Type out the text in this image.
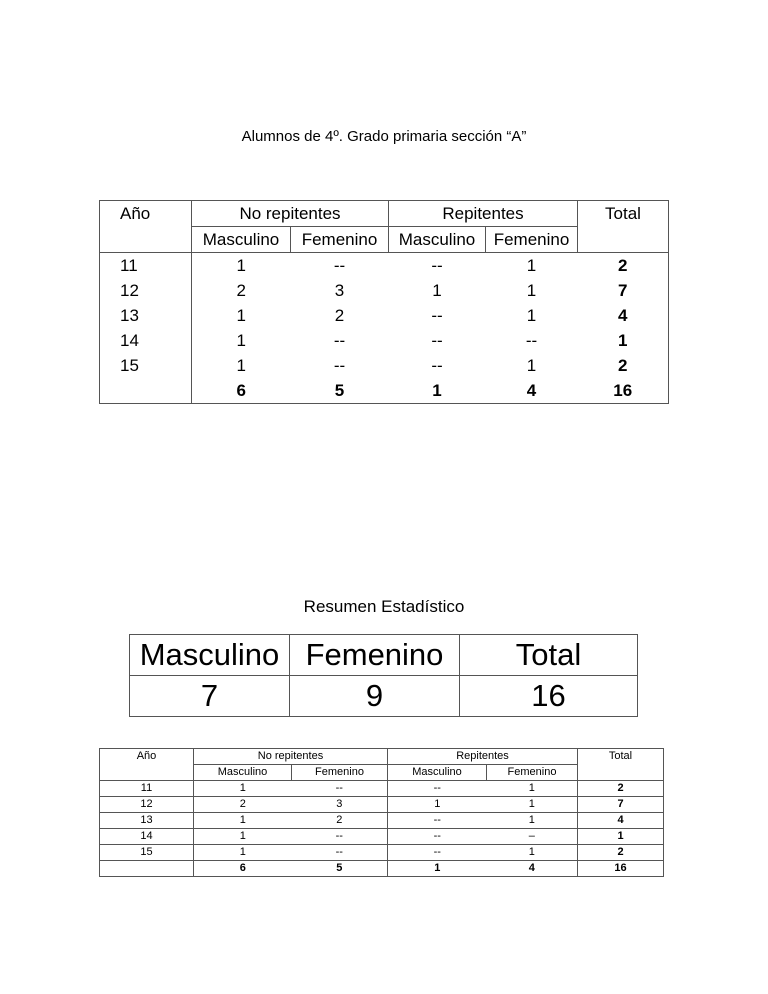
Alumnos de 4º. Grado primaria sección “A”
Año	No repitentes		Repitentes		Total
	Masculino	Femenino	Masculino	Femenino	
11	1	--	--	1	2
12	2	3	1	1	7
13	1	2	--	1	4
14	1	--	--	--	1
15	1	--	--	1	2
	6	5	1	4	16
Resumen Estadístico
Masculino	Femenino	Total
7	9	16
Año	No repitentes		Repitentes		Total
	Masculino	Femenino	Masculino	Femenino	
11	1	--	--	1	2
12	2	3	1	1	7
13	1	2	--	1	4
14	1	--	--	–	1
15	1	--	--	1	2
	6	5	1	4	16
